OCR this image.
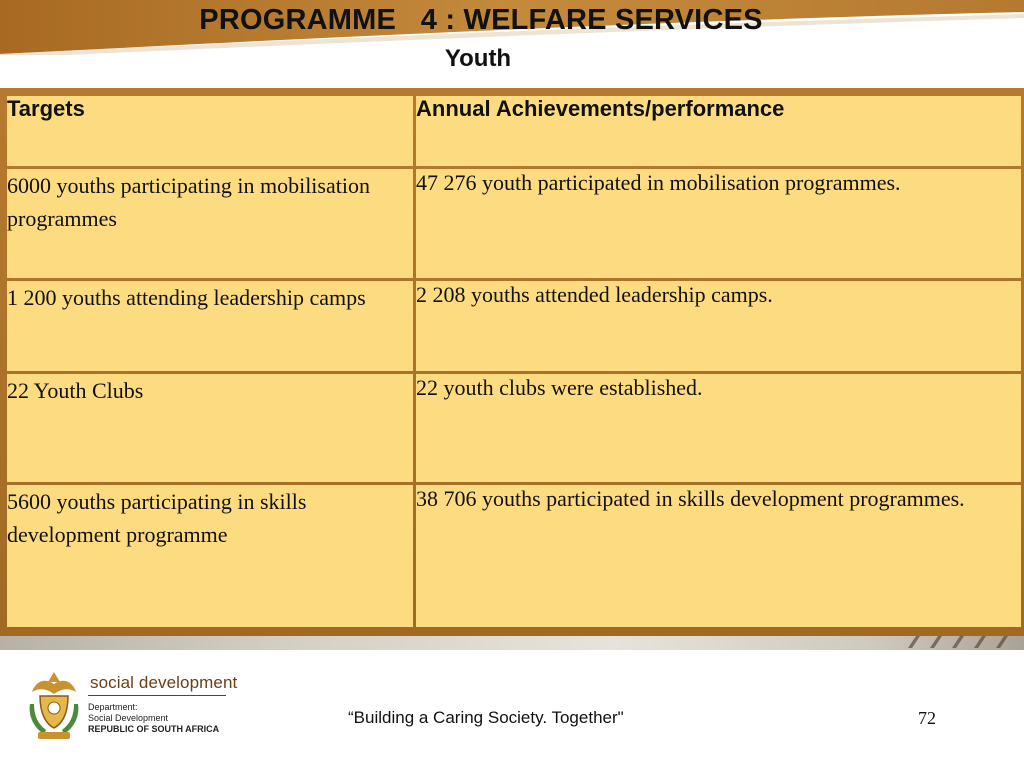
PROGRAMME   4 : WELFARE SERVICES
Youth
Targets	Annual Achievements/performance
6000 youths participating in mobilisation programmes	47 276 youth participated in mobilisation programmes.
1 200 youths attending leadership camps	2 208 youths attended leadership camps.
22 Youth Clubs	22 youth clubs were established.
5600 youths participating in skills development programme	38 706 youths participated in skills development programmes.
social development
Department:
Social Development
REPUBLIC OF SOUTH AFRICA
“Building a Caring Society. Together"	72
